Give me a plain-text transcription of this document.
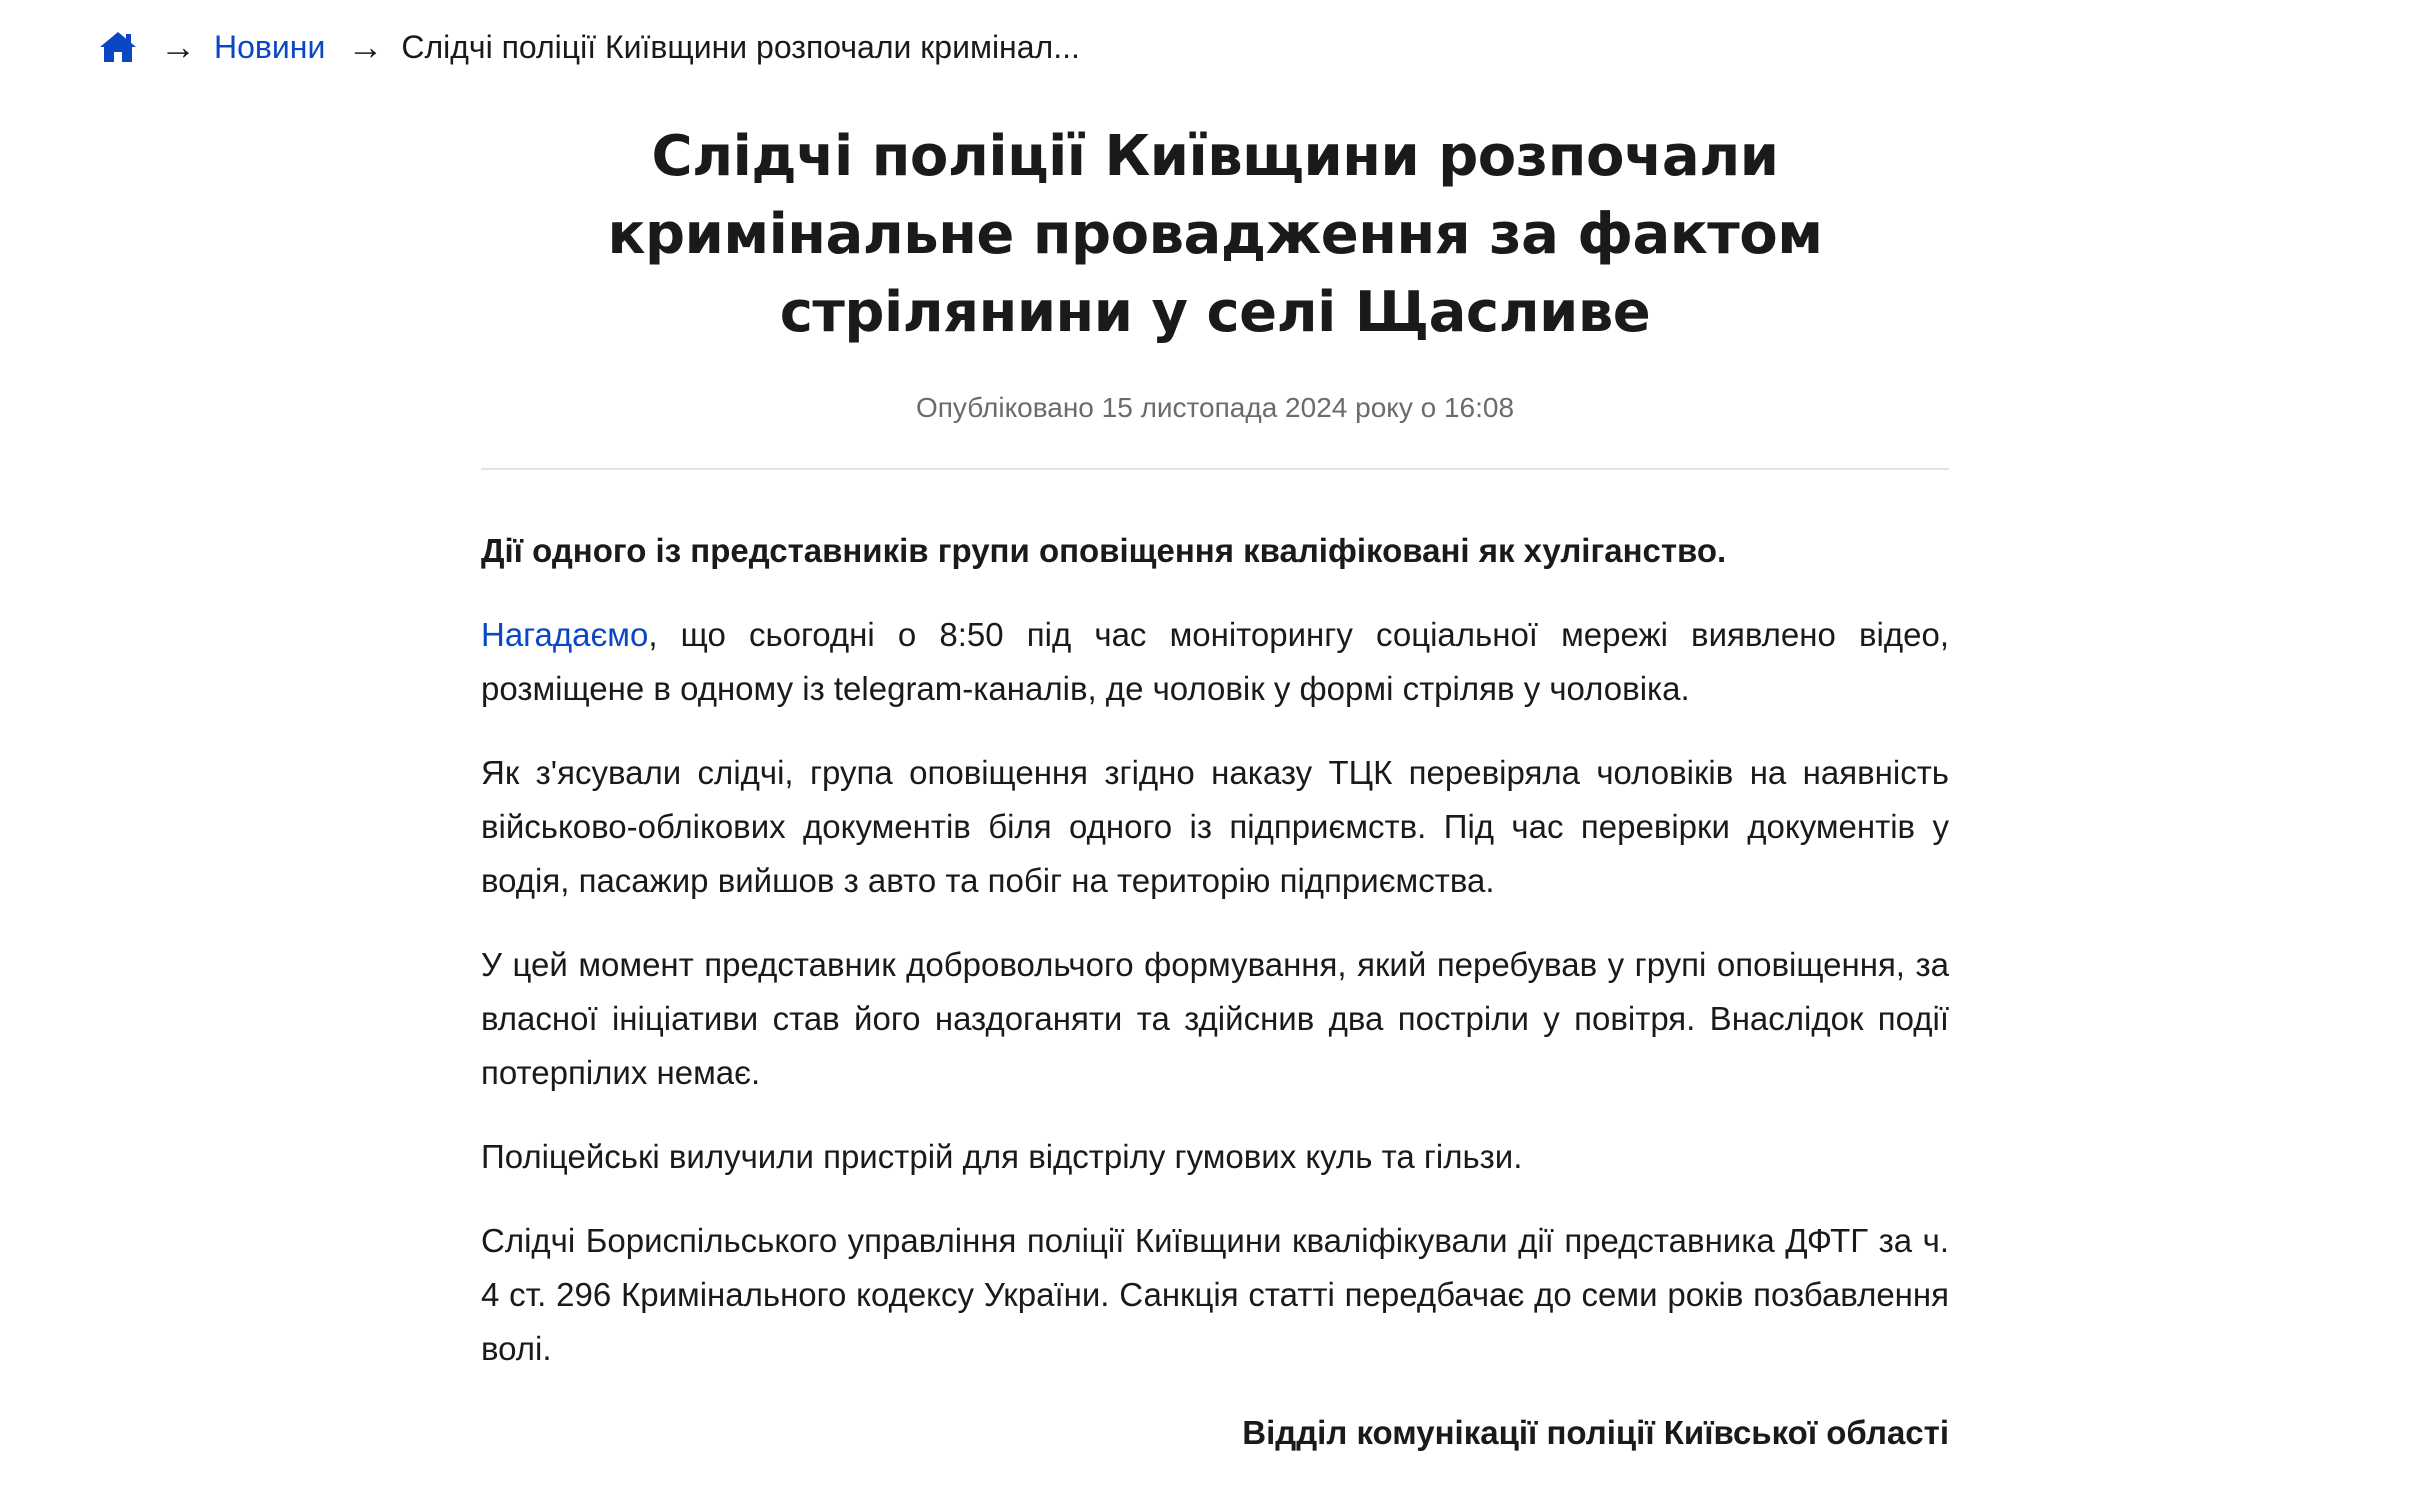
→ Новини → Слідчі поліції Київщини розпочали кримінал...
Слідчі поліції Київщини розпочали кримінальне провадження за фактом стрілянини у селі Щасливе
Опубліковано 15 листопада 2024 року о 16:08

Дії одного із представників групи оповіщення кваліфіковані як хуліганство.

Нагадаємо, що сьогодні о 8:50 під час моніторингу соціальної мережі виявлено відео, розміщене в одному із telegram-каналів, де чоловік у формі стріляв у чоловіка.

Як з'ясували слідчі, група оповіщення згідно наказу ТЦК перевіряла чоловіків на наявність військово-облікових документів біля одного із підприємств. Під час перевірки документів у водія, пасажир вийшов з авто та побіг на територію підприємства.

У цей момент представник добровольчого формування, який перебував у групі оповіщення, за власної ініціативи став його наздоганяти та здійснив два постріли у повітря. Внаслідок події потерпілих немає.

Поліцейські вилучили пристрій для відстрілу гумових куль та гільзи.

Слідчі Бориспільського управління поліції Київщини кваліфікували дії представника ДФТГ за ч. 4 ст. 296 Кримінального кодексу України. Санкція статті передбачає до семи років позбавлення волі.

Відділ комунікації поліції Київської області
